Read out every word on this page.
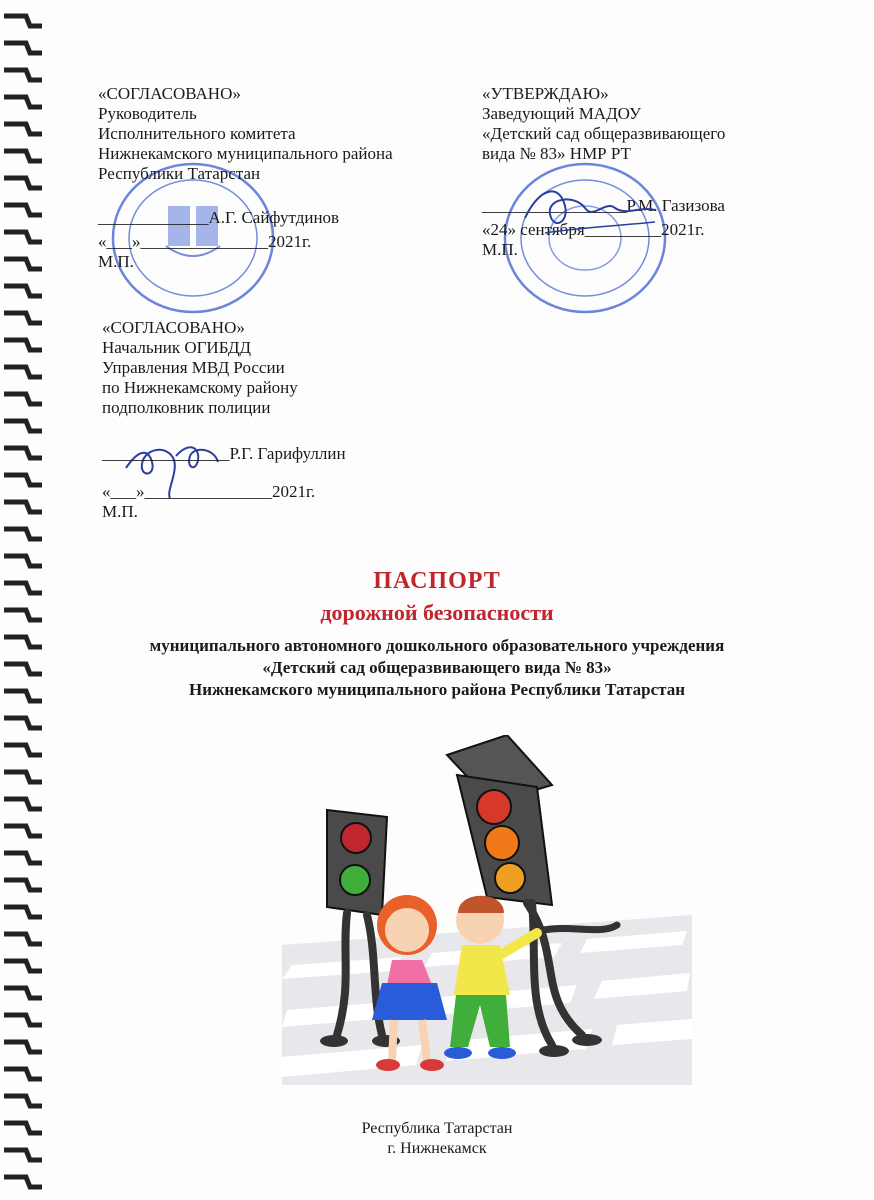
«СОГЛАСОВАНО»
Руководитель
Исполнительного комитета
Нижнекамского муниципального района
Республики Татарстан
_____________А.Г. Сайфутдинов
«___»_______________2021г.
М.П.
«УТВЕРЖДАЮ»
Заведующий МАДОУ
«Детский сад общеразвивающего
вида № 83» НМР РТ
_________________Р.М. Газизова
«24» сентября_________2021г.
М.П.
«СОГЛАСОВАНО»
Начальник ОГИБДД
Управления МВД России
по Нижнекамскому району
подполковник полиции
_______________Р.Г. Гарифуллин
«___»_______________2021г.
М.П.
ПАСПОРТ
дорожной безопасности
муниципального автономного дошкольного образовательного учреждения
«Детский сад общеразвивающего вида № 83»
Нижнекамского муниципального района Республики Татарстан
Республика Татарстан
г. Нижнекамск
